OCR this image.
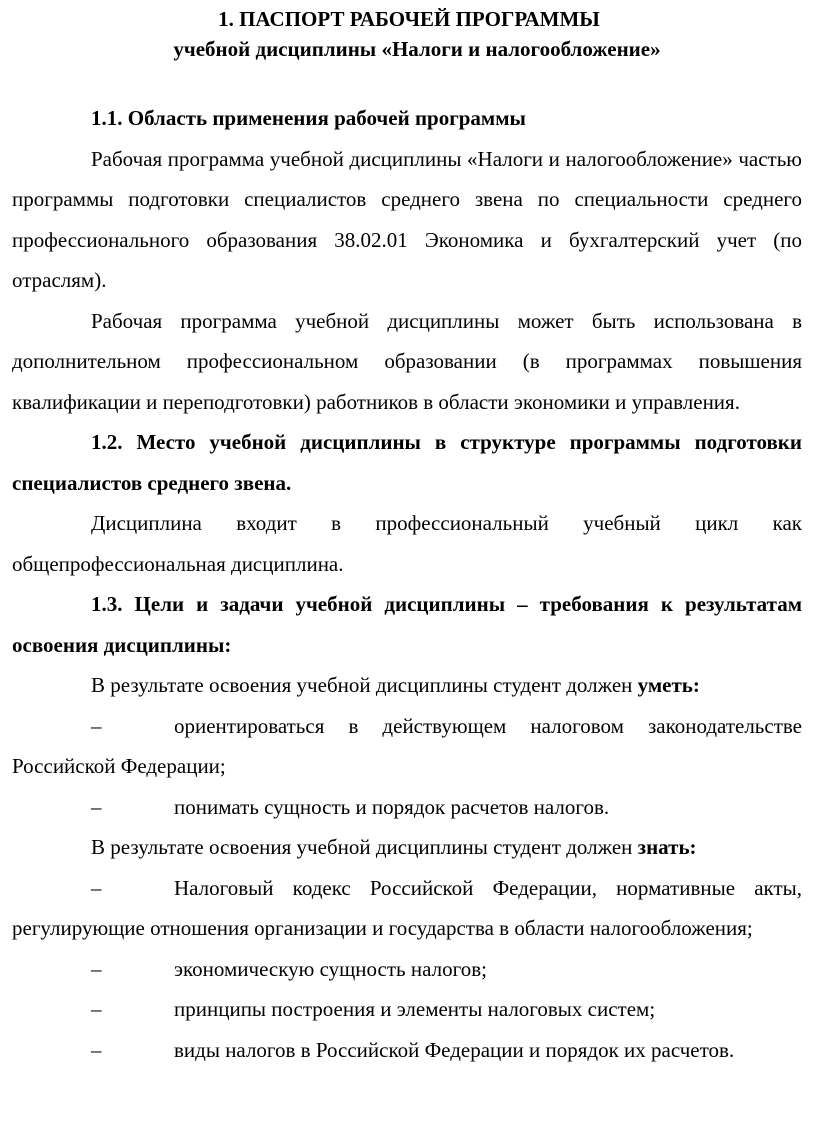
1. ПАСПОРТ РАБОЧЕЙ ПРОГРАММЫ
учебной дисциплины «Налоги и налогообложение»

1.1. Область применения рабочей программы

Рабочая программа учебной дисциплины «Налоги и налогообложение» частью программы подготовки специалистов среднего звена по специальности среднего профессионального образования 38.02.01 Экономика и бухгалтерский учет (по отраслям).

Рабочая программа учебной дисциплины может быть использована в дополнительном профессиональном образовании (в программах повышения квалификации и переподготовки) работников в области экономики и управления.

1.2. Место учебной дисциплины в структуре программы подготовки специалистов среднего звена.

Дисциплина входит в профессиональный учебный цикл как общепрофессиональная дисциплина.

1.3. Цели и задачи учебной дисциплины – требования к результатам освоения дисциплины:

В результате освоения учебной дисциплины студент должен уметь:

–	ориентироваться в действующем налоговом законодательстве Российской Федерации;

–	понимать сущность и порядок расчетов налогов.

В результате освоения учебной дисциплины студент должен знать:

–	Налоговый кодекс Российской Федерации, нормативные акты, регулирующие отношения организации и государства в области налогообложения;

–	экономическую сущность налогов;

–	принципы построения и элементы налоговых систем;

–	виды налогов в Российской Федерации и порядок их расчетов.
